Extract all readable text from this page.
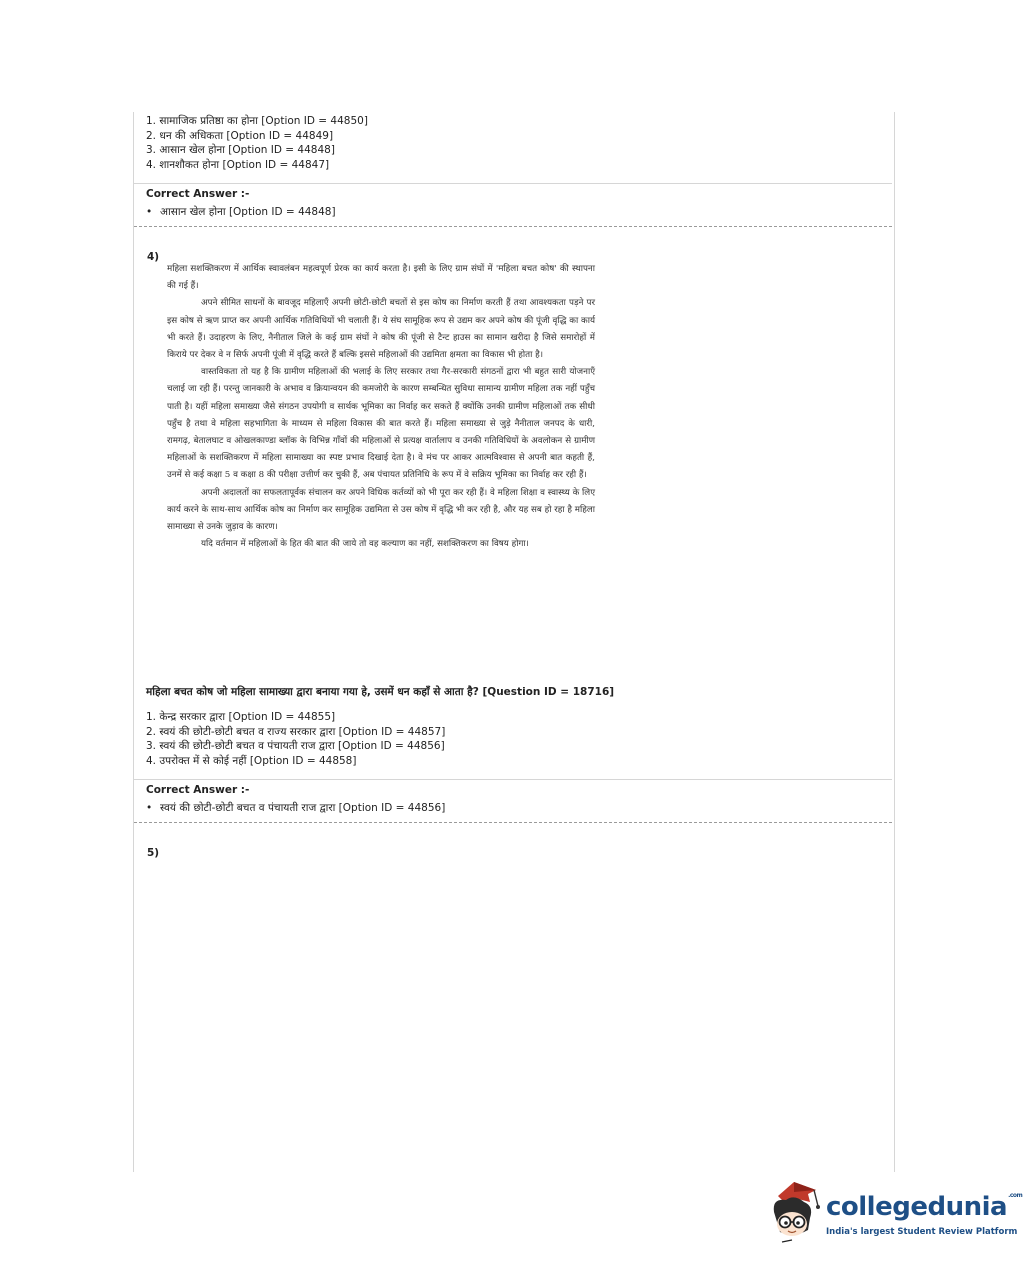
1. सामाजिक प्रतिष्ठा का होना [Option ID = 44850]
2. धन की अधिकता [Option ID = 44849]
3. आसान खेल होना [Option ID = 44848]
4. शानशौकत होना [Option ID = 44847]
Correct Answer :-
• आसान खेल होना [Option ID = 44848]
4)

महिला सशक्तिकरण में आर्थिक स्वावलंबन महत्वपूर्ण प्रेरक का कार्य करता है। इसी के लिए ग्राम संघों में 'महिला बचत कोष' की स्थापना की गई हैं।

अपने सीमित साधनों के बावजूद महिलाएँ अपनी छोटी-छोटी बचतों से इस कोष का निर्माण करती हैं तथा आवश्यकता पड़ने पर इस कोष से ऋण प्राप्त कर अपनी आर्थिक गतिविधियों भी चलाती हैं। ये संघ सामूहिक रूप से उद्यम कर अपने कोष की पूंजी वृद्धि का कार्य भी करते हैं। उदाहरण के लिए, नैनीताल जिले के कई ग्राम संघों ने कोष की पूंजी से टैन्ट हाउस का सामान खरीदा है जिसे समारोहों में किराये पर देकर वे न सिर्फ अपनी पूंजी में वृद्धि करते हैं बल्कि इससे महिलाओं की उद्यमिता क्षमता का विकास भी होता है।

वास्तविकता तो यह है कि ग्रामीण महिलाओं की भलाई के लिए सरकार तथा गैर-सरकारी संगठनों द्वारा भी बहुत सारी योजनाएँ चलाई जा रही हैं। परन्तु जानकारी के अभाव व क्रियान्वयन की कमजोरी के कारण सम्बन्धित सुविधा सामान्य ग्रामीण महिला तक नहीं पहुँच पाती है। यहीं महिला समाख्या जैसे संगठन उपयोगी व सार्थक भूमिका का निर्वाह कर सकते हैं क्योंकि उनकी ग्रामीण महिलाओं तक सीधी पहुँच है तथा वे महिला सहभागिता के माध्यम से महिला विकास की बात करते हैं। महिला समाख्या से जुड़े नैनीताल जनपद के धारी, रामगढ़, बेतालघाट व ओखलकाण्डा ब्लॉक के विभिन्न गाँवों की महिलाओं से प्रत्यक्ष वार्तालाप व उनकी गतिविधियों के अवलोकन से ग्रामीण महिलाओं के सशक्तिकरण में महिला सामाख्या का स्पष्ट प्रभाव दिखाई देता है। वे मंच पर आकर आत्मविश्वास से अपनी बात कहती हैं, उनमें से कई कक्षा 5 व कक्षा 8 की परीक्षा उत्तीर्ण कर चुकी हैं, अब पंचायत प्रतिनिधि के रूप में वे सक्रिय भूमिका का निर्वाह कर रही हैं।

अपनी अदालतों का सफलतापूर्वक संचालन कर अपने विधिक कर्तव्यों को भी पूरा कर रही हैं। वे महिला शिक्षा व स्वास्थ्य के लिए कार्य करने के साथ-साथ आर्थिक कोष का निर्माण कर सामूहिक उद्यमिता से उस कोष में वृद्धि भी कर रही है, और यह सब हो रहा है महिला सामाख्या से उनके जुड़ाव के कारण।

यदि वर्तमान में महिलाओं के हित की बात की जाये तो वह कल्याण का नहीं, सशक्तिकरण का विषय होगा।

महिला बचत कोष जो महिला सामाख्या द्वारा बनाया गया हे, उसमें धन कहाँ से आता है? [Question ID = 18716]
1. केन्द्र सरकार द्वारा [Option ID = 44855]
2. स्वयं की छोटी-छोटी बचत व राज्य सरकार द्वारा [Option ID = 44857]
3. स्वयं की छोटी-छोटी बचत व पंचायती राज द्वारा [Option ID = 44856]
4. उपरोक्त में से कोई नहीं [Option ID = 44858]
Correct Answer :-
• स्वयं की छोटी-छोटी बचत व पंचायती राज द्वारा [Option ID = 44856]
5)
collegedunia$^{.com}$
India's largest Student Review Platform
